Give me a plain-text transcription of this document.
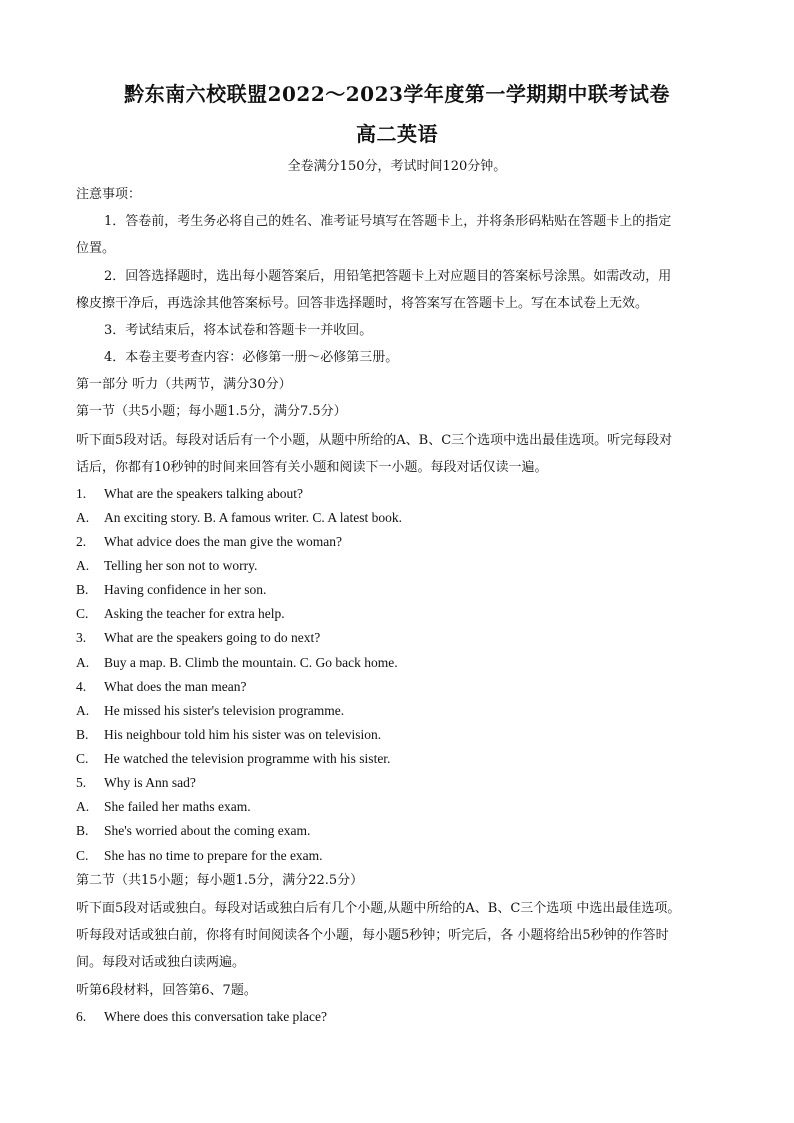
黔东南六校联盟2022～2023学年度第一学期期中联考试卷
高二英语
全卷满分150分，考试时间120分钟。
注意事项：
1．答卷前，考生务必将自己的姓名、准考证号填写在答题卡上，并将条形码粘贴在答题卡上的指定
位置。
2．回答选择题时，选出每小题答案后，用铅笔把答题卡上对应题目的答案标号涂黑。如需改动，用
橡皮擦干净后，再选涂其他答案标号。回答非选择题时，将答案写在答题卡上。写在本试卷上无效。
3．考试结束后，将本试卷和答题卡一并收回。
4．本卷主要考查内容：必修第一册～必修第三册。
第一部分 听力（共两节，满分30分）
第一节（共5小题；每小题1.5分，满分7.5分）
听下面5段对话。每段对话后有一个小题，从题中所给的A、B、C三个选项中选出最佳选项。听完每段对
话后，你都有10秒钟的时间来回答有关小题和阅读下一小题。每段对话仅读一遍。
1. What are the speakers talking about?
A. An exciting story. B. A famous writer. C. A latest book.
2. What advice does the man give the woman?
A. Telling her son not to worry.
B. Having confidence in her son.
C. Asking the teacher for extra help.
3. What are the speakers going to do next?
A. Buy a map. B. Climb the mountain. C. Go back home.
4. What does the man mean?
A. He missed his sister's television programme.
B. His neighbour told him his sister was on television.
C. He watched the television programme with his sister.
5. Why is Ann sad?
A. She failed her maths exam.
B. She's worried about the coming exam.
C. She has no time to prepare for the exam.
第二节（共15小题；每小题1.5分，满分22.5分）
听下面5段对话或独白。每段对话或独白后有几个小题,从题中所给的A、B、C三个选项 中选出最佳选项。
听每段对话或独白前，你将有时间阅读各个小题，每小题5秒钟；听完后，各 小题将给出5秒钟的作答时
间。每段对话或独白读两遍。
听第6段材料，回答第6、7题。
6. Where does this conversation take place?
